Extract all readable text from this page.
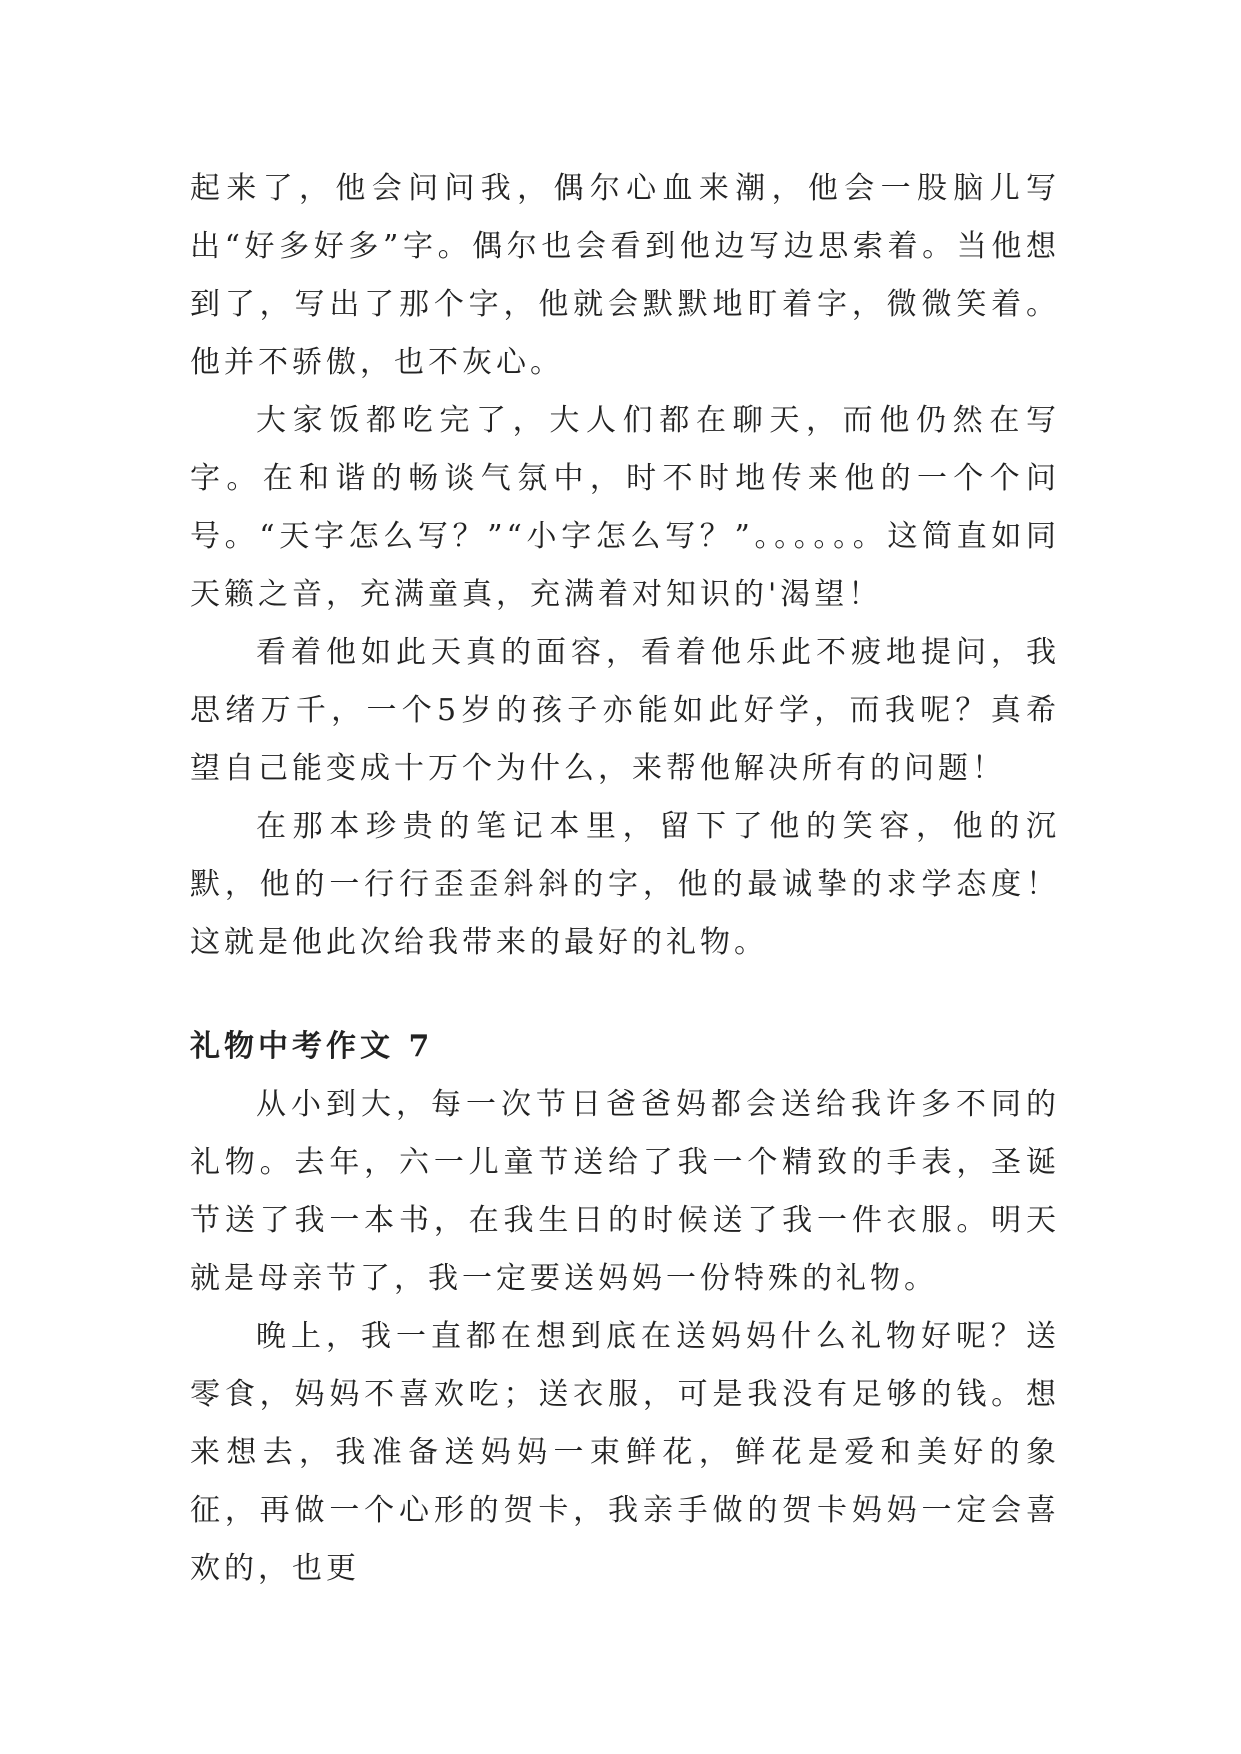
起来了，他会问问我，偶尔心血来潮，他会一股脑儿写出“好多好多”字。偶尔也会看到他边写边思索着。当他想到了，写出了那个字，他就会默默地盯着字，微微笑着。他并不骄傲，也不灰心。

大家饭都吃完了，大人们都在聊天，而他仍然在写字。在和谐的畅谈气氛中，时不时地传来他的一个个问号。“天字怎么写？”“小字怎么写？”。。。。。。这简直如同天籁之音，充满童真，充满着对知识的'渴望！

看着他如此天真的面容，看着他乐此不疲地提问，我思绪万千，一个5岁的孩子亦能如此好学，而我呢？真希望自己能变成十万个为什么，来帮他解决所有的问题！

在那本珍贵的笔记本里，留下了他的笑容，他的沉默，他的一行行歪歪斜斜的字，他的最诚挚的求学态度！这就是他此次给我带来的最好的礼物。

礼物中考作文 7

从小到大，每一次节日爸爸妈都会送给我许多不同的礼物。去年，六一儿童节送给了我一个精致的手表，圣诞节送了我一本书，在我生日的时候送了我一件衣服。明天就是母亲节了，我一定要送妈妈一份特殊的礼物。

晚上，我一直都在想到底在送妈妈什么礼物好呢？送零食，妈妈不喜欢吃；送衣服，可是我没有足够的钱。想来想去，我准备送妈妈一束鲜花，鲜花是爱和美好的象征，再做一个心形的贺卡，我亲手做的贺卡妈妈一定会喜欢的，也更
